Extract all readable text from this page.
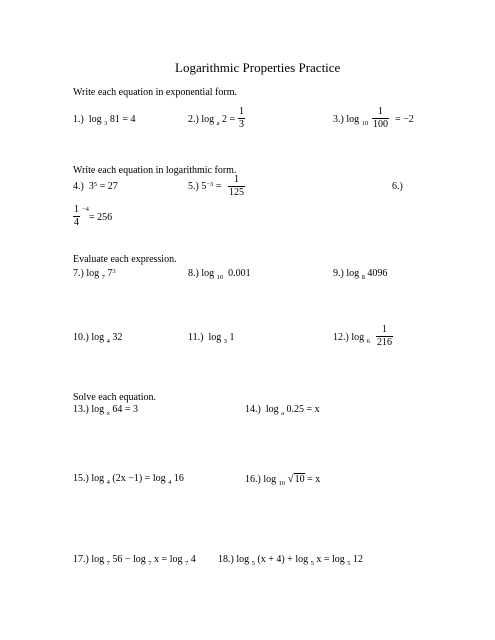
Logarithmic Properties Practice
Write each equation in exponential form.
1.) log $_3$ 81 = 4	2.) log $_a$ $2 = \frac{1}{3}$	3.) $\log _{10} \frac{1}{100} = -2$
Write each equation in logarithmic form.
4.) $3^5 = 27$	5.) $5^{-3} = \frac{1}{125}$	6.)
$\frac{1}{4} -4$
= 256
Evaluate each expression.
7.) log $_7$ $7^3$	8.) log $_{10}$ 0.001	9.) log $_8$ 4096
10.) log $_4$ 32	11.) log $_3$ 1	12.) $\log _6 \frac{1}{216}$
Solve each equation.
13.) log $_x$ 64 = 3	14.) log $_a$ 0.25 = x
15.) log $_4$ (2x −1) = log $_4$ 16	16.) log $_{10}$ √10 = x
17.) log $_7$ 56 − log $_7$ x = log $_7$ 4 18.) log $_5$ (x + 4) + log $_5$ x = log $_5$ 12
